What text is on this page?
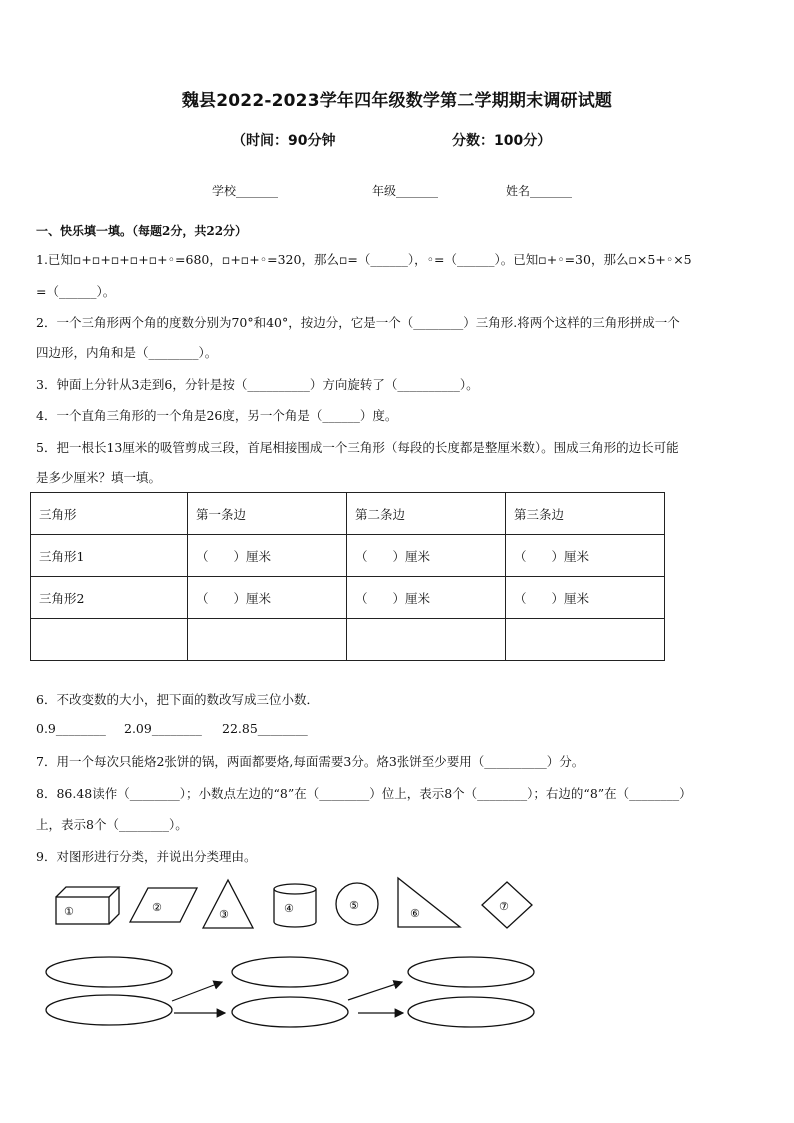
魏县2022-2023学年四年级数学第二学期期末调研试题
（时间：90分钟	分数：100分）
学校_______	年级_______	姓名_______
一、快乐填一填。（每题2分，共22分）
1.已知▫+▫+▫+▫+▫+◦=680，▫+▫+◦=320，那么▫=（______），◦=（______）。已知▫+◦=30，那么▫×5+◦×5
=（______）。
2．一个三角形两个角的度数分别为70°和40°，按边分，它是一个（________）三角形.将两个这样的三角形拼成一个
四边形，内角和是（________）。
3．钟面上分针从3走到6，分针是按（__________）方向旋转了（__________）。
4．一个直角三角形的一个角是26度，另一个角是（______）度。
5．把一根长13厘米的吸管剪成三段，首尾相接围成一个三角形（每段的长度都是整厘米数）。围成三角形的边长可能
是多少厘米？填一填。
三角形	第一条边	第二条边	第三条边
三角形1	（　　）厘米	（　　）厘米	（　　）厘米
三角形2	（　　）厘米	（　　）厘米	（　　）厘米

6．不改变数的大小，把下面的数改写成三位小数．
0.9________ 2.09________ 22.85________
7．用一个每次只能烙2张饼的锅，两面都要烙,每面需要3分。烙3张饼至少要用（__________）分。
8．86.48读作（________）；小数点左边的“8”在（________）位上，表示8个（________）；右边的“8”在（________）
上，表示8个（________）。
9．对图形进行分类，并说出分类理由。
①	②
③	④	⑤
⑥
⑦
